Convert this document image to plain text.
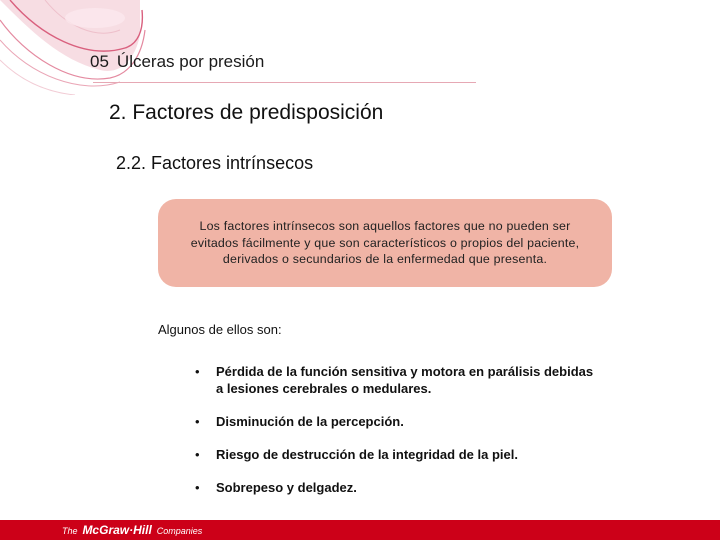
05 Úlceras por presión
2. Factores de predisposición
2.2. Factores intrínsecos

Los factores intrínsecos son aquellos factores que no pueden ser evitados fácilmente y que son característicos o propios del paciente, derivados o secundarios de la enfermedad que presenta.

Algunos de ellos son:
•	Pérdida de la función sensitiva y motora en parálisis debidas a lesiones cerebrales o medulares.
•	Disminución de la percepción.
•	Riesgo de destrucción de la integridad de la piel.
•	Sobrepeso y delgadez.
The McGraw·Hill Companies
